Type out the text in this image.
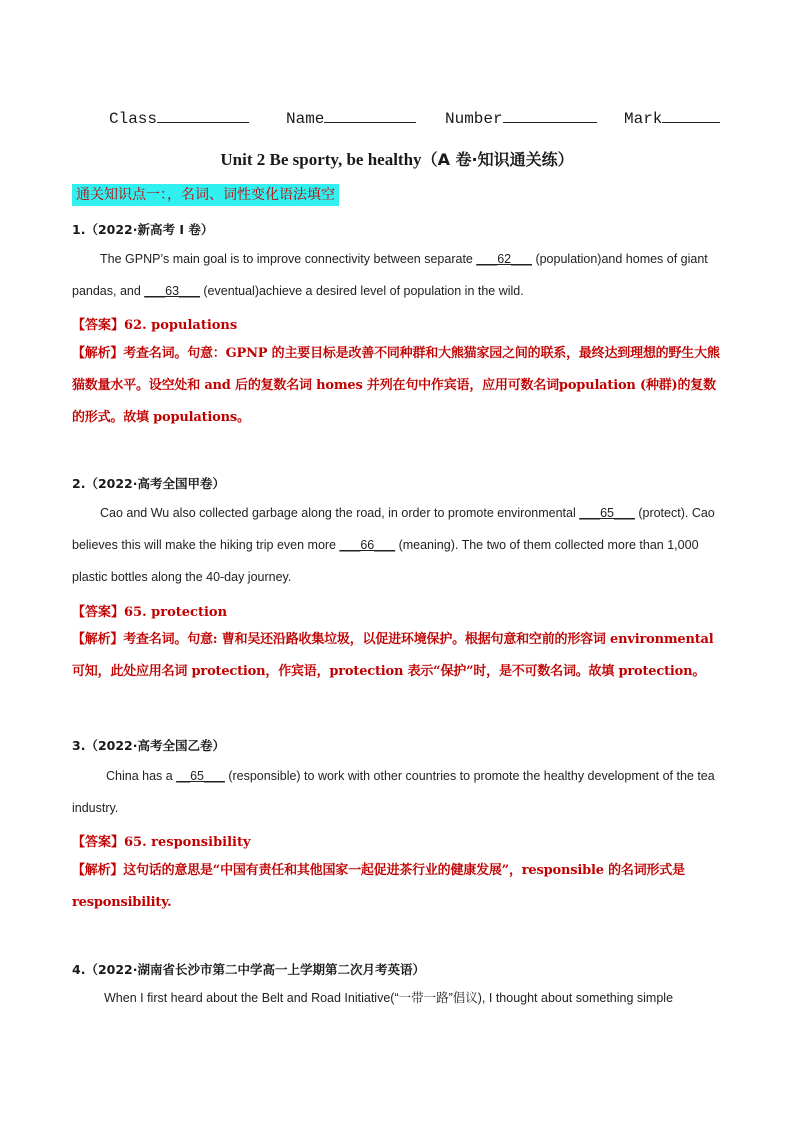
Class	Name	Number	Mark
Unit 2 Be sporty, be healthy（A 卷·知识通关练）
通关知识点一：，名词、词性变化语法填空
1.（2022·新高考 I 卷）
The GPNP’s main goal is to improve connectivity between separate ___62___ (population)and homes of giant pandas, and ___63___ (eventual)achieve a desired level of population in the wild.
【答案】62. populations
【解析】考查名词。句意：GPNP 的主要目标是改善不同种群和大熊猫家园之间的联系，最终达到理想的野生大熊猫数量水平。设空处和 and 后的复数名词 homes 并列在句中作宾语，应用可数名词population (种群)的复数的形式。故填 populations。
2.（2022·高考全国甲卷）
Cao and Wu also collected garbage along the road, in order to promote environmental ___65___ (protect). Cao believes this will make the hiking trip even more ___66___ (meaning). The two of them collected more than 1,000 plastic bottles along the 40-day journey.
【答案】65. protection
【解析】考查名词。句意: 曹和吴还沿路收集垃圾，以促进环境保护。根据句意和空前的形容词 environmental 可知，此处应用名词 protection，作宾语，protection 表示“保护”时，是不可数名词。故填 protection。
3.（2022·高考全国乙卷）
China has a __65___ (responsible) to work with other countries to promote the healthy development of the tea industry.
【答案】65. responsibility
【解析】这句话的意思是“中国有责任和其他国家一起促进茶行业的健康发展”，responsible 的名词形式是 responsibility.
4.（2022·湖南省长沙市第二中学高一上学期第二次月考英语）
When I first heard about the Belt and Road Initiative(“一带一路”倡议), I thought about something simple
